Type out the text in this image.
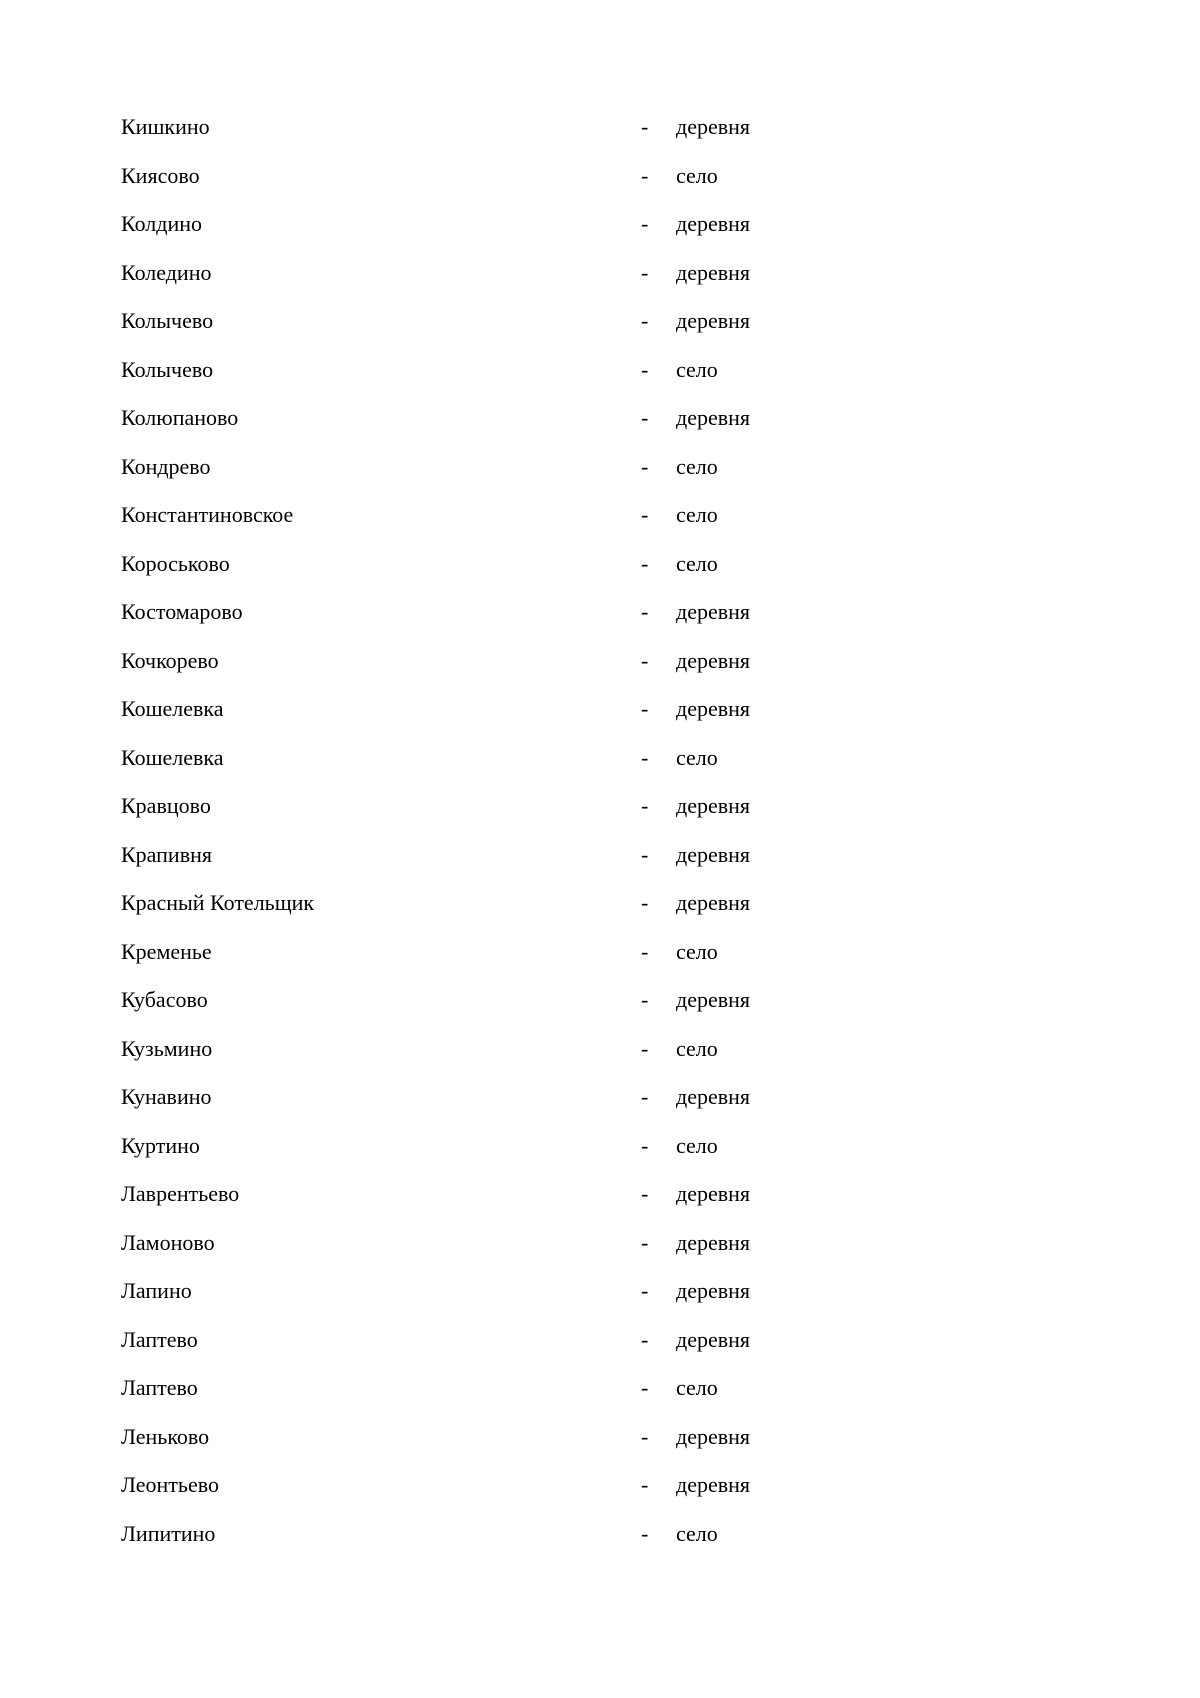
Кишкино	- деревня
Киясово	- село
Колдино	- деревня
Коледино	- деревня
Колычево	- деревня
Колычево	- село
Колюпаново	- деревня
Кондрево	- село
Константиновское	- село
Короськово	- село
Костомарово	- деревня
Кочкорево	- деревня
Кошелевка	- деревня
Кошелевка	- село
Кравцово	- деревня
Крапивня	- деревня
Красный Котельщик	- деревня
Кременье	- село
Кубасово	- деревня
Кузьмино	- село
Кунавино	- деревня
Куртино	- село
Лаврентьево	- деревня
Ламоново	- деревня
Лапино	- деревня
Лаптево	- деревня
Лаптево	- село
Леньково	- деревня
Леонтьево	- деревня
Липитино	- село
